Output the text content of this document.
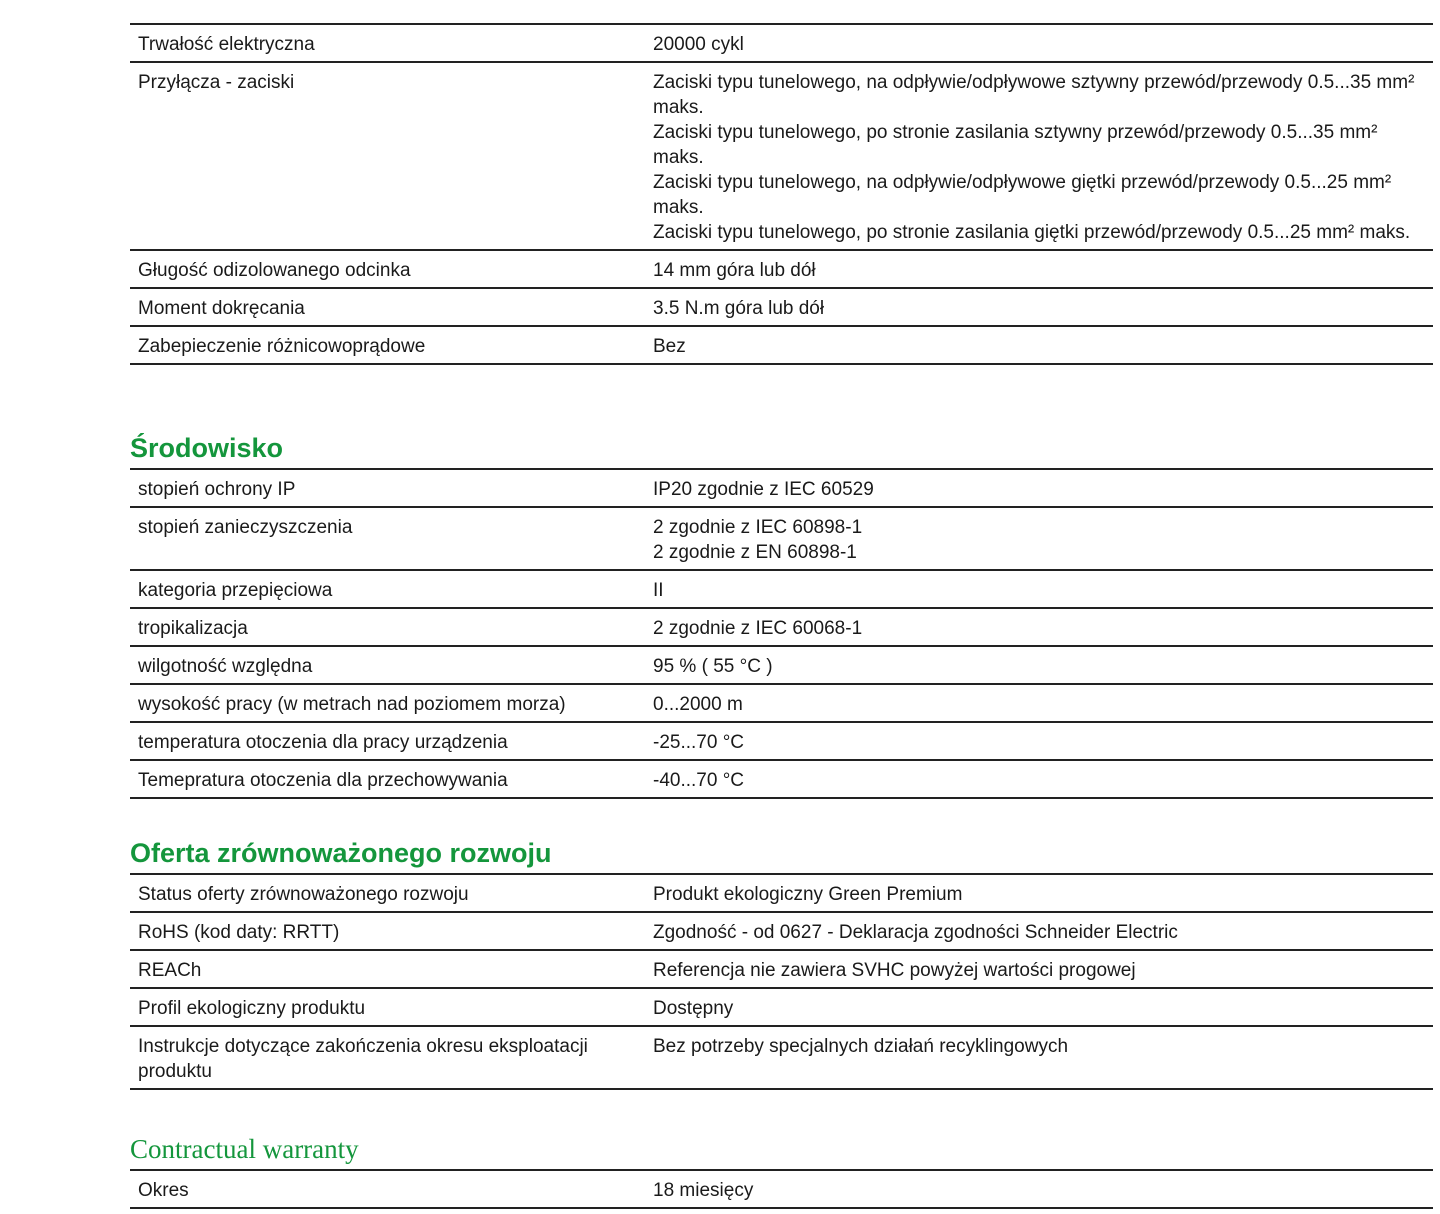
Trwałość elektryczna	20000 cykl

Przyłącza - zaciski	Zaciski typu tunelowego, na odpływie/odpływowe sztywny przewód/przewody 0.5...35 mm² maks.
Zaciski typu tunelowego, po stronie zasilania sztywny przewód/przewody 0.5...35 mm² maks.
Zaciski typu tunelowego, na odpływie/odpływowe giętki przewód/przewody 0.5...25 mm² maks.
Zaciski typu tunelowego, po stronie zasilania giętki przewód/przewody 0.5...25 mm² maks.

Gługość odizolowanego odcinka	14 mm góra lub dół

Moment dokręcania	3.5 N.m góra lub dół

Zabepieczenie różnicowoprądowe	Bez
Środowisko
stopień ochrony IP	IP20 zgodnie z IEC 60529

stopień zanieczyszczenia	2 zgodnie z IEC 60898-1
2 zgodnie z EN 60898-1

kategoria przepięciowa	II

tropikalizacja	2 zgodnie z IEC 60068-1

wilgotność względna	95 % ( 55 °C )

wysokość pracy (w metrach nad poziomem morza)	0...2000 m

temperatura otoczenia dla pracy urządzenia	-25...70 °C

Temepratura otoczenia dla przechowywania	-40...70 °C
Oferta zrównoważonego rozwoju
Status oferty zrównoważonego rozwoju	Produkt ekologiczny Green Premium

RoHS (kod daty: RRTT)	Zgodność - od 0627 - Deklaracja zgodności Schneider Electric

REACh	Referencja nie zawiera SVHC powyżej wartości progowej

Profil ekologiczny produktu	Dostępny

Instrukcje dotyczące zakończenia okresu eksploatacji produktu	Bez potrzeby specjalnych działań recyklingowych
Contractual warranty
Okres	18 miesięcy
